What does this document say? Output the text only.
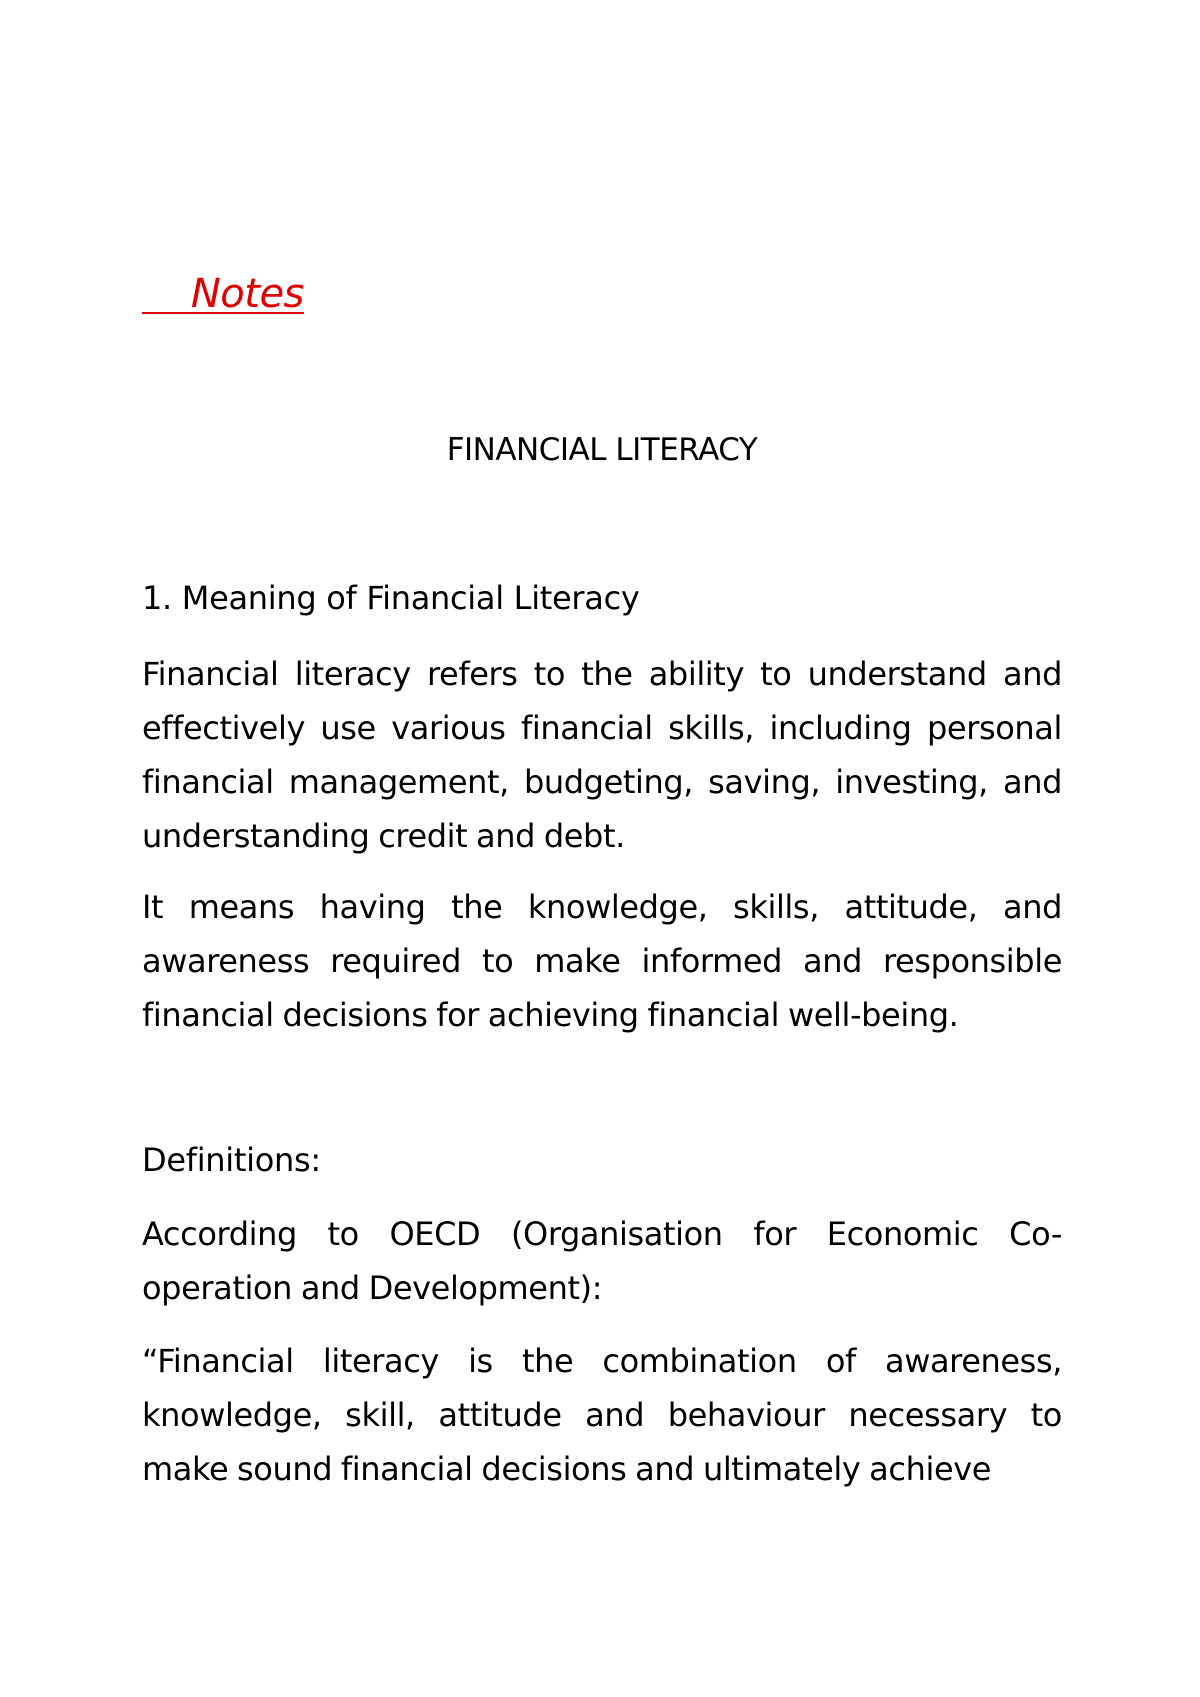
Notes
FINANCIAL LITERACY
1. Meaning of Financial Literacy

Financial literacy refers to the ability to understand and effectively use various financial skills, including personal financial management, budgeting, saving, investing, and understanding credit and debt.

It means having the knowledge, skills, attitude, and awareness required to make informed and responsible financial decisions for achieving financial well-being.

Definitions:

According to OECD (Organisation for Economic Co-operation and Development):

“Financial literacy is the combination of awareness, knowledge, skill, attitude and behaviour necessary to make sound financial decisions and ultimately achieve
